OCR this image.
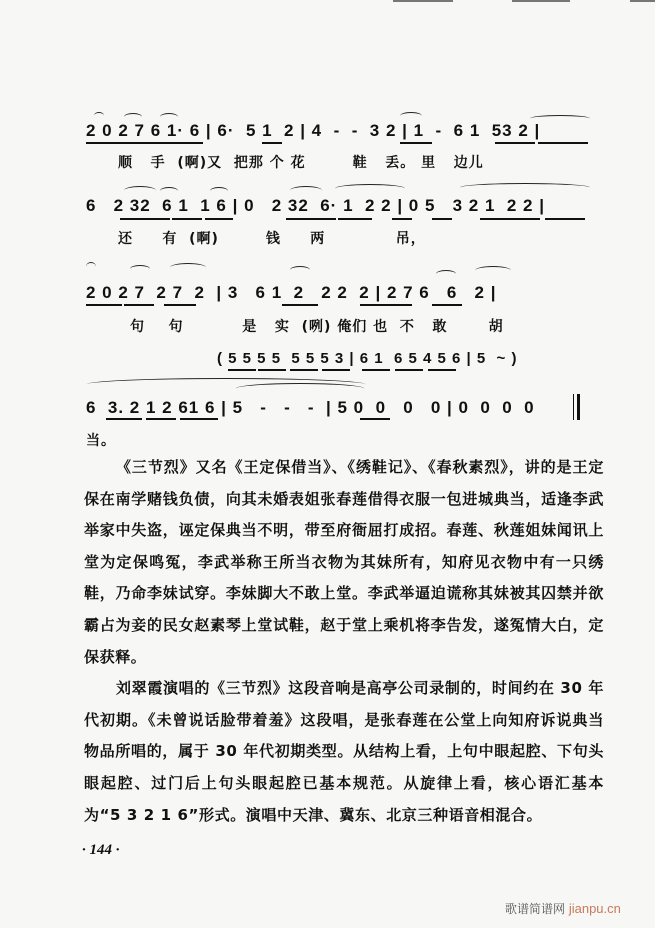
2 0 2 7 6 1· 6 | 6·  5 1  2 | 4  -  -  3 2 | 1  -  6 1  53 2 |
顺   手  (啊)又  把那 个 花        鞋   丢。 里   边儿
6   2 32  6 1  1 6 | 0   2 32  6· 1  2 2 | 0 5   3 2 1  2 2 |
还     有  (啊)        钱     两            吊，
2 0 2 7  2 7  2  | 3   6 1  2   2 2  2 | 2 7 6   6   2 |
句    句          是   实  (咧) 俺们 也  不   敢       胡
( 5 5 5 5  5 5 5 3 | 6 1  6 5 4 5 6 | 5  ~ )
6  3. 2 1 2 61 6 | 5   -   -   -  | 5 0  0   0   0 | 0  0  0  0
当。

《三节烈》又名《王定保借当》、《绣鞋记》、《春秋素烈》，讲的是王定保在南学赌钱负债，向其未婚表姐张春莲借得衣服一包进城典当，适逢李武举家中失盗，诬定保典当不明，带至府衙屈打成招。春莲、秋莲姐妹闻讯上堂为定保鸣冤，李武举称王所当衣物为其妹所有，知府见衣物中有一只绣鞋，乃命李妹试穿。李妹脚大不敢上堂。李武举逼迫谎称其妹被其囚禁并欲霸占为妾的民女赵素琴上堂试鞋，赵于堂上乘机将李告发，遂冤情大白，定保获释。

刘翠霞演唱的《三节烈》这段音响是高亭公司录制的，时间约在 30 年代初期。《未曾说话脸带着羞》这段唱，是张春莲在公堂上向知府诉说典当物品所唱的，属于 30 年代初期类型。从结构上看，上句中眼起腔、下句头眼起腔、过门后上句头眼起腔已基本规范。从旋律上看，核心语汇基本为“5 3 2 1 6”形式。演唱中天津、冀东、北京三种语音相混合。

· 144 ·
歌谱简谱网 jianpu.cn
